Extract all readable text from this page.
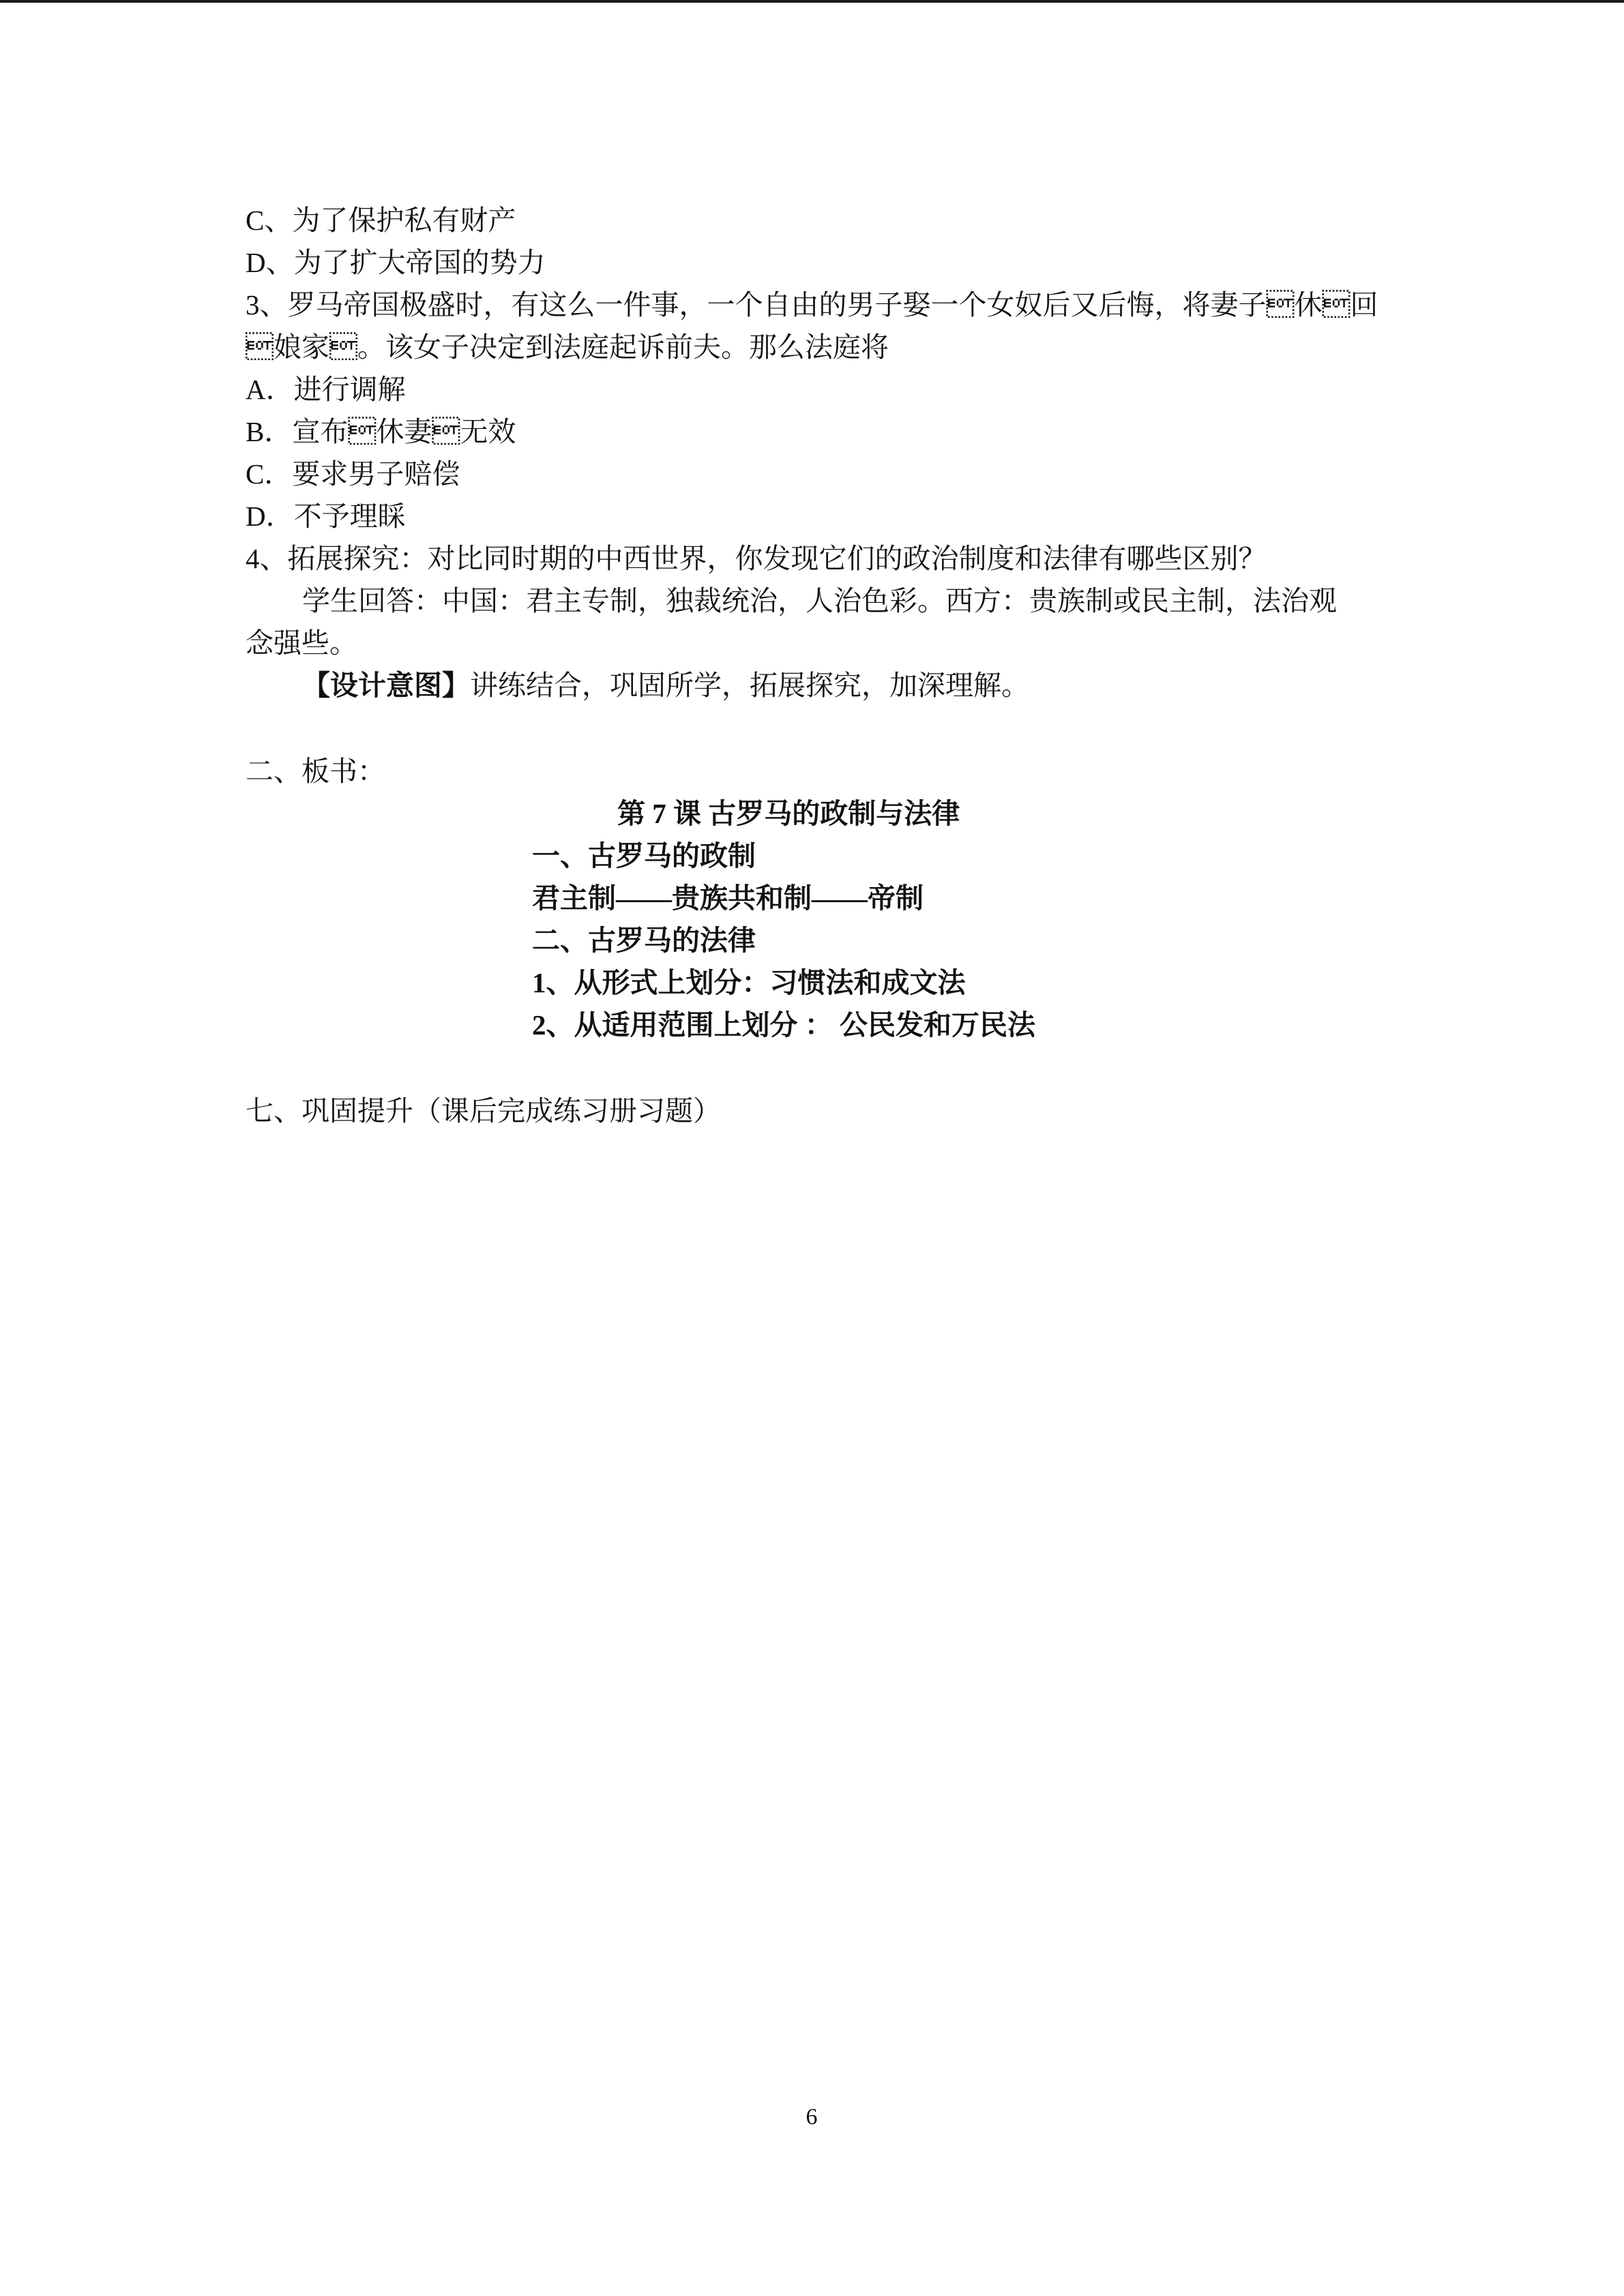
C、为了保护私有财产
D、为了扩大帝国的势力
3、罗马帝国极盛时，有这么一件事，一个自由的男子娶一个女奴后又后悔，将妻子休回
娘家。该女子决定到法庭起诉前夫。那么法庭将
A．进行调解
B．宣布休妻无效
C．要求男子赔偿
D．不予理睬
4、拓展探究：对比同时期的中西世界，你发现它们的政治制度和法律有哪些区别？
学生回答：中国：君主专制，独裁统治，人治色彩。西方：贵族制或民主制，法治观
念强些。
【设计意图】讲练结合，巩固所学，拓展探究，加深理解。
二、板书：
第 7 课 古罗马的政制与法律
一、古罗马的政制
君主制——贵族共和制——帝制
二、古罗马的法律
1、从形式上划分：习惯法和成文法
2、从适用范围上划分 ： 公民发和万民法
七、巩固提升（课后完成练习册习题）
6
